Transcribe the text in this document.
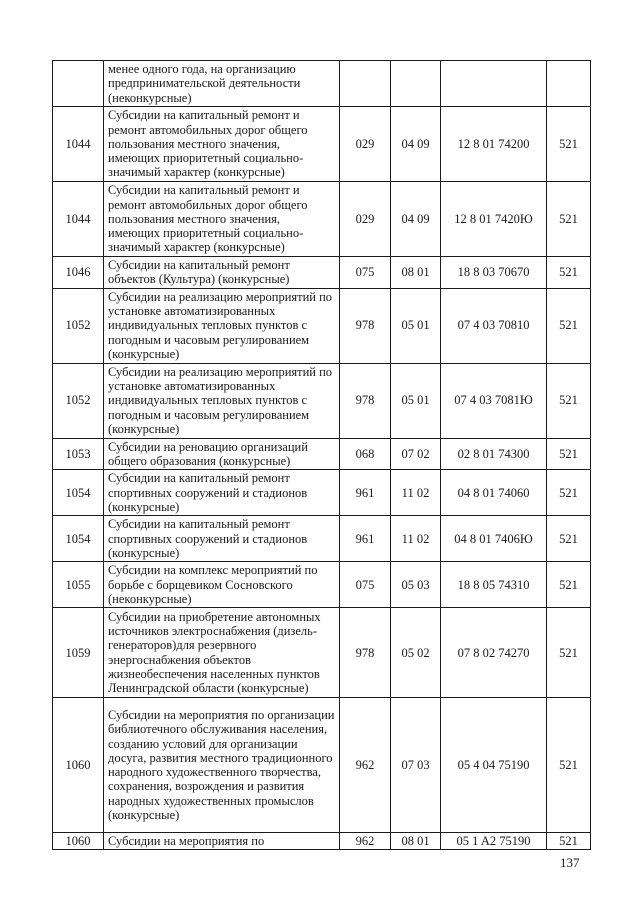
	менее одного года, на организацию предпринимательской деятельности (неконкурсные)				
1044	Субсидии на капитальный ремонт и ремонт автомобильных дорог общего пользования местного значения, имеющих приоритетный социально-значимый характер (конкурсные)	029	04 09	12 8 01 74200	521
1044	Субсидии на капитальный ремонт и ремонт автомобильных дорог общего пользования местного значения, имеющих приоритетный социально-значимый характер (конкурсные)	029	04 09	12 8 01 7420Ю	521
1046	Субсидии на капитальный ремонт объектов (Культура) (конкурсные)	075	08 01	18 8 03 70670	521
1052	Субсидии на реализацию мероприятий по установке автоматизированных индивидуальных тепловых пунктов с погодным и часовым регулированием (конкурсные)	978	05 01	07 4 03 70810	521
1052	Субсидии на реализацию мероприятий по установке автоматизированных индивидуальных тепловых пунктов с погодным и часовым регулированием (конкурсные)	978	05 01	07 4 03 7081Ю	521
1053	Субсидии на реновацию организаций общего образования (конкурсные)	068	07 02	02 8 01 74300	521
1054	Субсидии на капитальный ремонт спортивных сооружений и стадионов (конкурсные)	961	11 02	04 8 01 74060	521
1054	Субсидии на капитальный ремонт спортивных сооружений и стадионов (конкурсные)	961	11 02	04 8 01 7406Ю	521
1055	Субсидии на комплекс мероприятий по борьбе с борщевиком Сосновского (неконкурсные)	075	05 03	18 8 05 74310	521
1059	Субсидии на приобретение автономных источников электроснабжения (дизель-генераторов)для резервного энергоснабжения объектов жизнеобеспечения населенных пунктов Ленинградской области (конкурсные)	978	05 02	07 8 02 74270	521
1060	Субсидии на мероприятия по организации библиотечного обслуживания населения, созданию условий для организации досуга, развития местного традиционного народного художественного творчества, сохранения, возрождения и развития народных художественных промыслов (конкурсные)	962	07 03	05 4 04 75190	521
1060	Субсидии на мероприятия по	962	08 01	05 1 A2 75190	521
137
